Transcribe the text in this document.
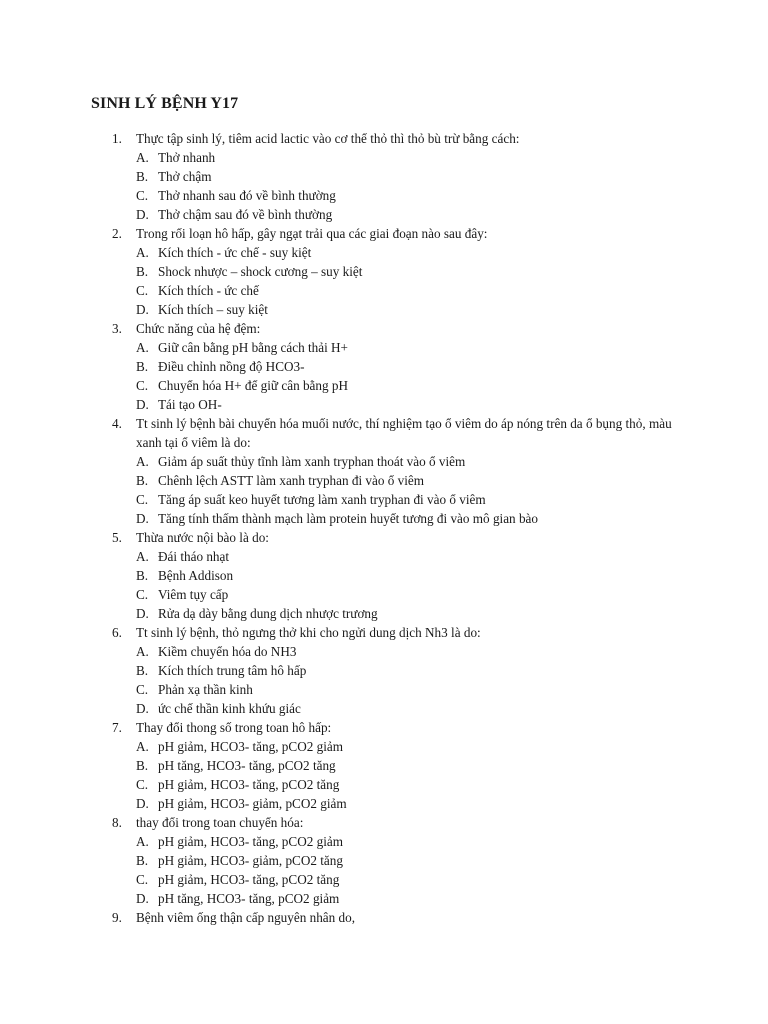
SINH LÝ BỆNH Y17
1.	Thực tập sinh lý, tiêm acid lactic vào cơ thể thỏ thì thỏ bù trừ bằng cách:
A. Thở nhanh
B. Thở chậm
C. Thở nhanh sau đó về bình thường
D. Thở chậm sau đó về bình thường
2.	Trong rối loạn hô hấp, gây ngạt trải qua các giai đoạn nào sau đây:
A. Kích thích - ức chế - suy kiệt
B. Shock nhược – shock cương – suy kiệt
C. Kích thích - ức chế
D. Kích thích – suy kiệt
3.	Chức năng của hệ đệm:
A. Giữ cân bằng pH bằng cách thải H+
B. Điều chỉnh nồng độ HCO3-
C. Chuyển hóa H+ để giữ cân bằng pH
D. Tái tạo OH-
4.	Tt sinh lý bệnh bài chuyển hóa muối nước, thí nghiệm tạo ổ viêm do áp nóng trên da ổ bụng thỏ, màu xanh tại ổ viêm là do:
A. Giảm áp suất thủy tĩnh làm xanh tryphan thoát vào ổ viêm
B. Chênh lệch ASTT làm xanh tryphan đi vào ổ viêm
C. Tăng áp suất keo huyết tương làm xanh tryphan đi vào ổ viêm
D. Tăng tính thấm thành mạch làm protein huyết tương đi vào mô gian bào
5.	Thừa nước nội bào là do:
A. Đái tháo nhạt
B. Bệnh Addison
C. Viêm tụy cấp
D. Rửa dạ dày bằng dung dịch nhược trương
6.	Tt sinh lý bệnh, thỏ ngưng thở khi cho ngửi dung dịch Nh3 là do:
A. Kiềm chuyển hóa do NH3
B. Kích thích trung tâm hô hấp
C. Phản xạ thần kinh
D. ức chế thần kinh khứu giác
7.	Thay đổi thong số trong toan hô hấp:
A. pH giảm, HCO3- tăng, pCO2 giảm
B. pH tăng, HCO3- tăng, pCO2 tăng
C. pH giảm, HCO3- tăng, pCO2 tăng
D. pH giảm, HCO3- giảm, pCO2 giảm
8.	thay đổi trong toan chuyển hóa:
A. pH giảm, HCO3- tăng, pCO2 giảm
B. pH giảm, HCO3- giảm, pCO2 tăng
C. pH giảm, HCO3- tăng, pCO2 tăng
D. pH tăng, HCO3- tăng, pCO2 giảm
9.	Bệnh viêm ống thận cấp nguyên nhân do,
